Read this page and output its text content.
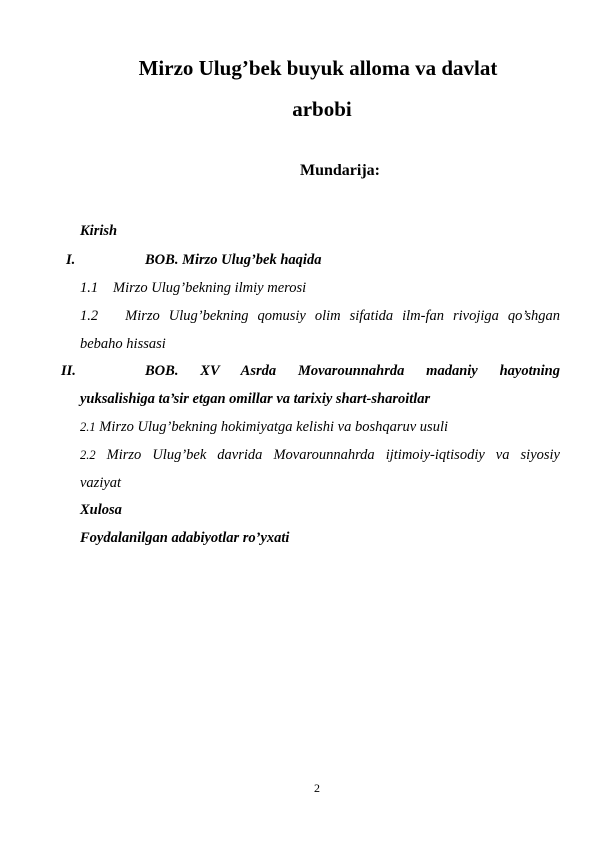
Mirzo Ulug’bek buyuk alloma va davlat
arbobi
Mundarija:
Kirish
I.	BOB. Mirzo Ulug’bek haqida
1.1 Mirzo Ulug’bekning ilmiy merosi
1.2 Mirzo Ulug’bekning qomusiy olim sifatida ilm-fan rivojiga qo’shgan
bebaho hissasi
II.	BOB. XV Asrda Movarounnahrda madaniy hayotning
yuksalishiga ta’sir etgan omillar va tarixiy shart-sharoitlar
2.1 Mirzo Ulug’bekning hokimiyatga kelishi va boshqaruv usuli
2.2 Mirzo Ulug’bek davrida Movarounnahrda ijtimoiy-iqtisodiy va siyosiy
vaziyat
Xulosa
Foydalanilgan adabiyotlar ro’yxati
2
